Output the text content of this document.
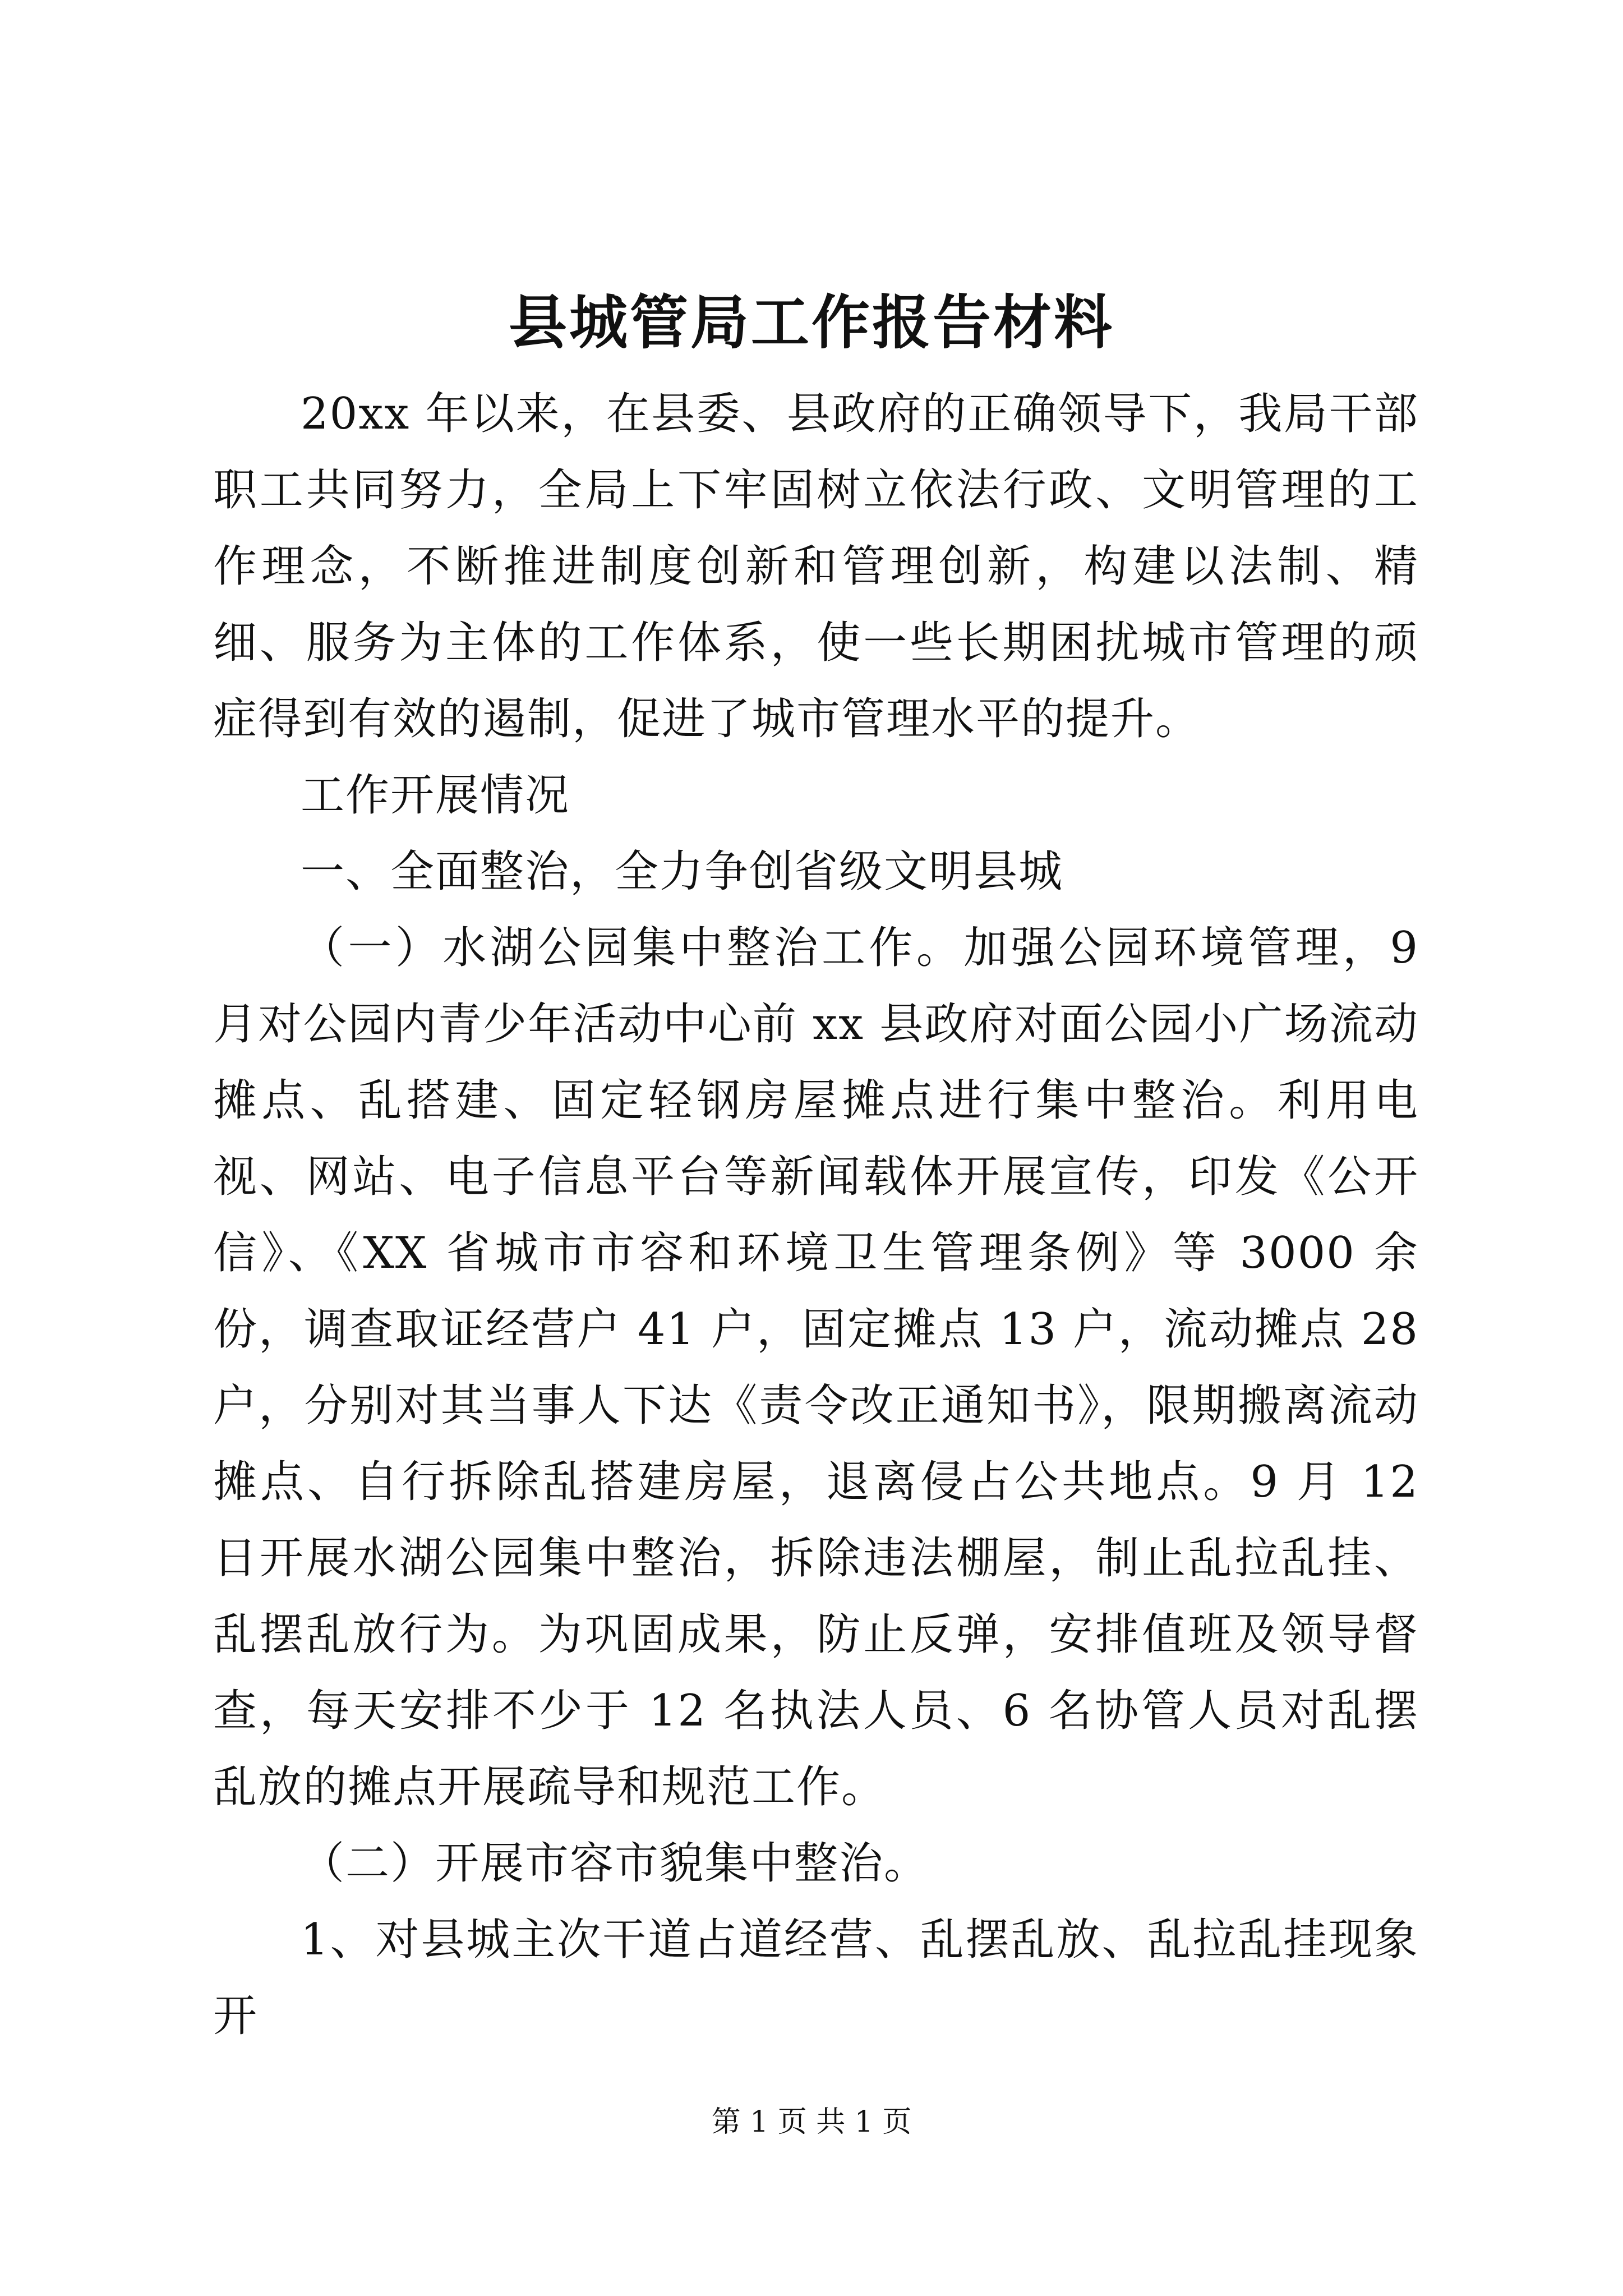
县城管局工作报告材料

20xx 年以来，在县委、县政府的正确领导下，我局干部职工共同努力，全局上下牢固树立依法行政、文明管理的工作理念，不断推进制度创新和管理创新，构建以法制、精细、服务为主体的工作体系，使一些长期困扰城市管理的顽症得到有效的遏制，促进了城市管理水平的提升。

工作开展情况

一、全面整治，全力争创省级文明县城

（一）水湖公园集中整治工作。加强公园环境管理，9 月对公园内青少年活动中心前 xx 县政府对面公园小广场流动摊点、乱搭建、固定轻钢房屋摊点进行集中整治。利用电视、网站、电子信息平台等新闻载体开展宣传，印发《公开信》、《XX 省城市市容和环境卫生管理条例》等 3000 余份，调查取证经营户 41 户，固定摊点 13 户，流动摊点 28 户，分别对其当事人下达《责令改正通知书》，限期搬离流动摊点、自行拆除乱搭建房屋，退离侵占公共地点。9 月 12 日开展水湖公园集中整治，拆除违法棚屋，制止乱拉乱挂、乱摆乱放行为。为巩固成果，防止反弹，安排值班及领导督查，每天安排不少于 12 名执法人员、6 名协管人员对乱摆乱放的摊点开展疏导和规范工作。

（二）开展市容市貌集中整治。

1、对县城主次干道占道经营、乱摆乱放、乱拉乱挂现象开

第 1 页 共 1 页
